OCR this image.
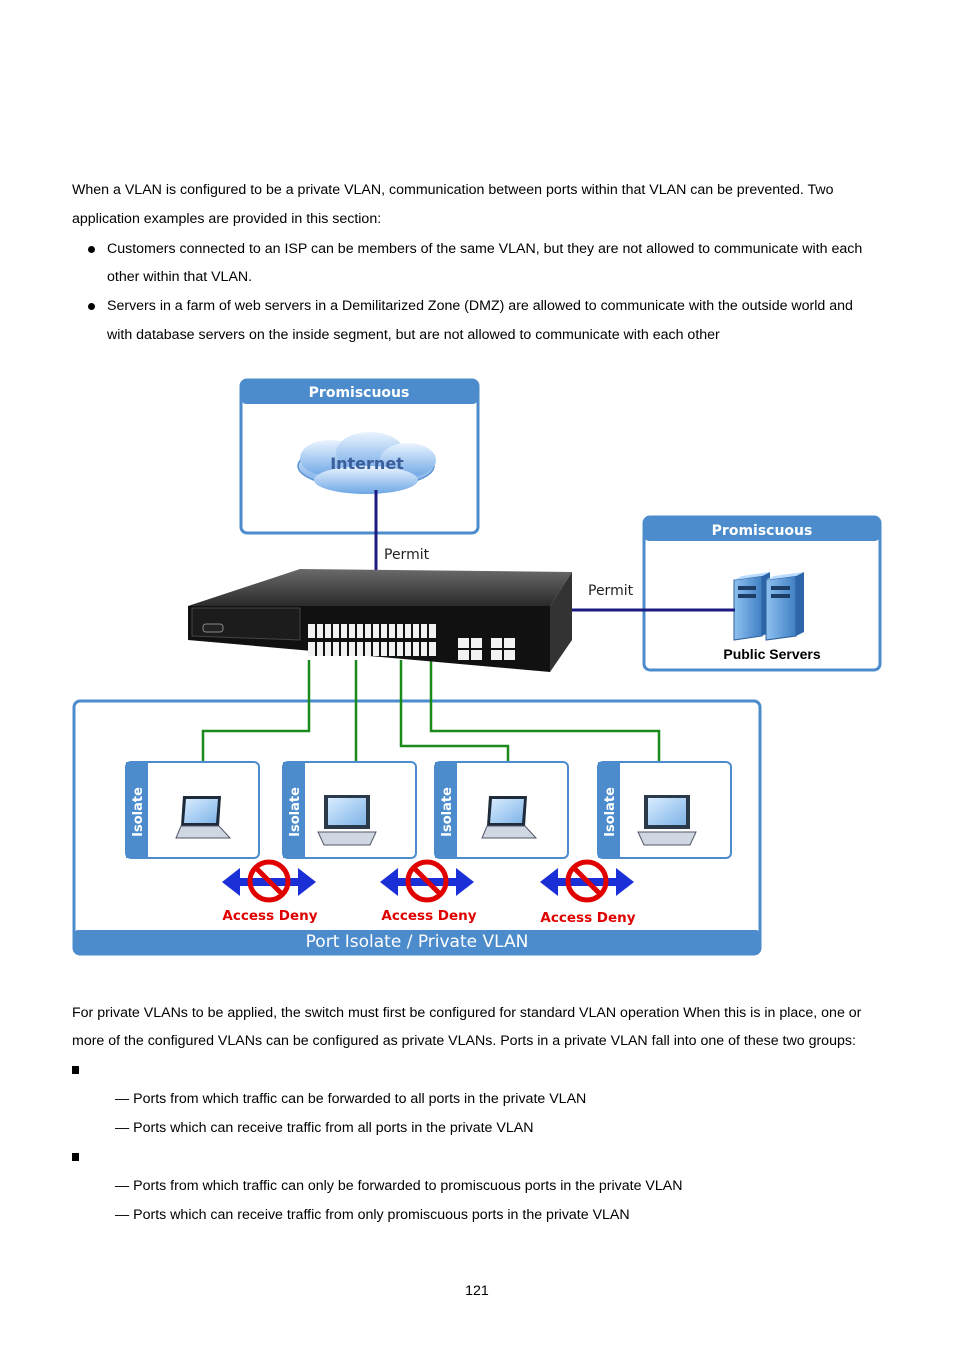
When a VLAN is configured to be a private VLAN, communication between ports within that VLAN can be prevented. Two

application examples are provided in this section:

Customers connected to an ISP can be members of the same VLAN, but they are not allowed to communicate with each

other within that VLAN.

Servers in a farm of web servers in a Demilitarized Zone (DMZ) are allowed to communicate with the outside world and

with database servers on the inside segment, but are not allowed to communicate with each other

Promiscuous
Internet
Permit
Promiscuous
Public Servers
Permit
Port Isolate / Private VLAN
Isolate	Isolate	Isolate	Isolate
Access Deny	Access Deny	Access Deny

For private VLANs to be applied, the switch must first be configured for standard VLAN operation When this is in place, one or

more of the configured VLANs can be configured as private VLANs. Ports in a private VLAN fall into one of these two groups:

— Ports from which traffic can be forwarded to all ports in the private VLAN

— Ports which can receive traffic from all ports in the private VLAN

— Ports from which traffic can only be forwarded to promiscuous ports in the private VLAN

— Ports which can receive traffic from only promiscuous ports in the private VLAN

121
